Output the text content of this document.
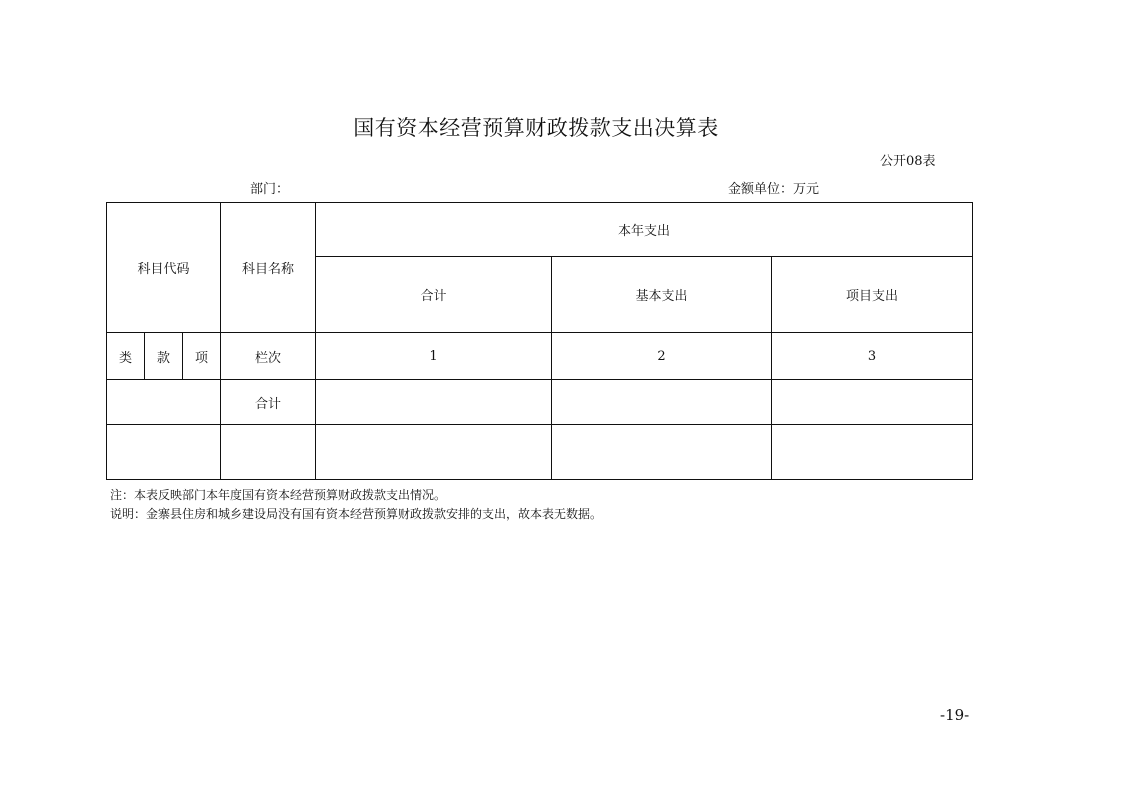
国有资本经营预算财政拨款支出决算表
公开08表
部门：	金额单位：万元
科目代码			科目名称	本年支出		
				合计	基本支出	项目支出
类	款	项	栏次	1	2	3
			合计			

注：本表反映部门本年度国有资本经营预算财政拨款支出情况。
说明：金寨县住房和城乡建设局没有国有资本经营预算财政拨款安排的支出，故本表无数据。
-19-
